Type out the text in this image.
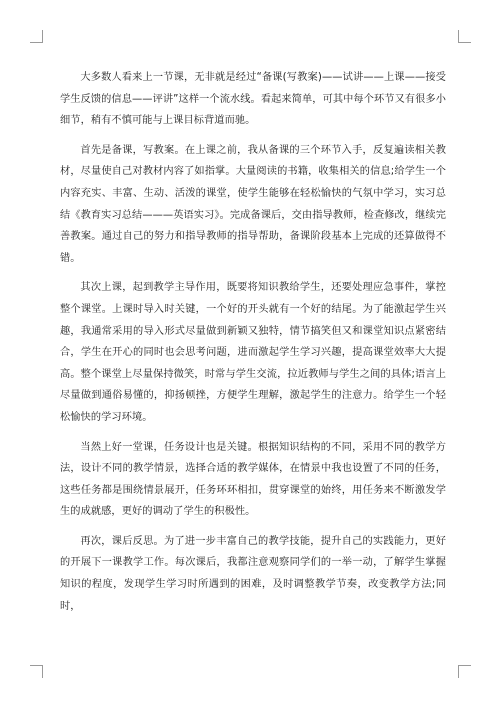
大多数人看来上一节课，无非就是经过“备课(写教案)——试讲——上课——接受学生反馈的信息——评讲”这样一个流水线。看起来简单，可其中每个环节又有很多小细节，稍有不慎可能与上课目标背道而驰。

首先是备课，写教案。在上课之前，我从备课的三个环节入手，反复遍读相关教材，尽量使自己对教材内容了如指掌。大量阅读的书籍，收集相关的信息;给学生一个内容充实、丰富、生动、活泼的课堂，使学生能够在轻松愉快的气氛中学习，实习总结《教育实习总结———英语实习》。完成备课后，交由指导教师，检查修改，继续完善教案。通过自己的努力和指导教师的指导帮助，备课阶段基本上完成的还算做得不错。

其次上课，起到教学主导作用，既要将知识教给学生，还要处理应急事件，掌控整个课堂。上课时导入时关键，一个好的开头就有一个好的结尾。为了能激起学生兴趣，我通常采用的导入形式尽量做到新颖又独特，情节搞笑但又和课堂知识点紧密结合，学生在开心的同时也会思考问题，进而激起学生学习兴趣，提高课堂效率大大提高。整个课堂上尽量保持微笑，时常与学生交流，拉近教师与学生之间的具体;语言上尽量做到通俗易懂的，抑扬顿挫，方便学生理解，激起学生的注意力。给学生一个轻松愉快的学习环境。

当然上好一堂课，任务设计也是关键。根据知识结构的不同，采用不同的教学方法，设计不同的教学情景，选择合适的教学媒体，在情景中我也设置了不同的任务，这些任务都是围绕情景展开，任务环环相扣，贯穿课堂的始终，用任务来不断激发学生的成就感，更好的调动了学生的积极性。

再次，课后反思。为了进一步丰富自己的教学技能，提升自己的实践能力，更好的开展下一课教学工作。每次课后，我都注意观察同学们的一举一动，了解学生掌握知识的程度，发现学生学习时所遇到的困难，及时调整教学节奏，改变教学方法;同时，
